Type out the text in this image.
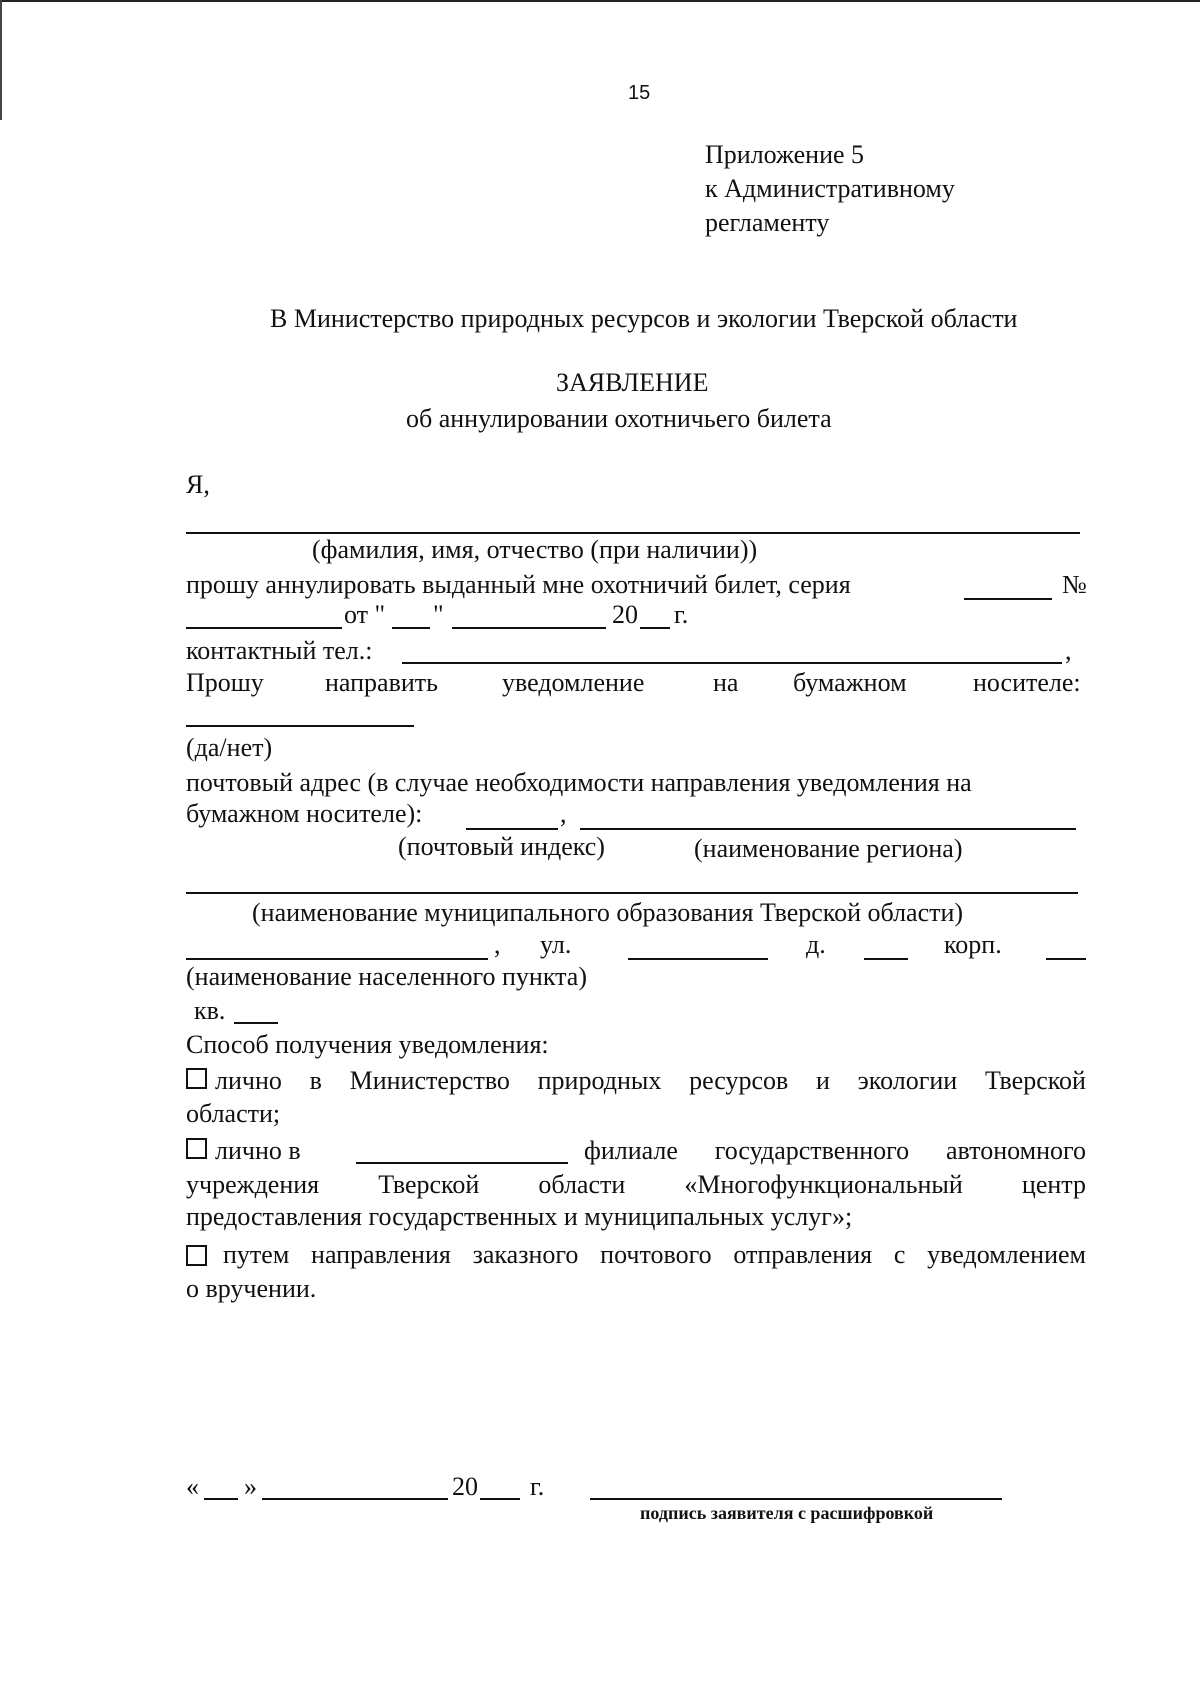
15
Приложение 5
к Административному
регламенту
В Министерство природных ресурсов и экологии Тверской области
ЗАЯВЛЕНИЕ
об аннулировании охотничьего билета
Я,
(фамилия, имя, отчество (при наличии))
прошу аннулировать выданный мне охотничий билет, серия	№
от " "	20 г.
контактный тел.:	,
Прошу направить уведомление	на бумажном	носителе:
(да/нет)
почтовый адрес (в случае необходимости направления уведомления на
бумажном носителе):	,
(почтовый индекс)	(наименование региона)
(наименование муниципального образования Тверской области)
, ул.	д.	корп.
(наименование населенного пункта)
кв.
Способ получения уведомления:
лично в Министерство природных ресурсов и экологии Тверской
области;
лично в	филиале государственного автономного
учреждения Тверской области «Многофункциональный центр
предоставления государственных и муниципальных услуг»;
путем направления заказного почтового отправления с уведомлением
о вручении.
« »	20 г.
подпись заявителя с расшифровкой
